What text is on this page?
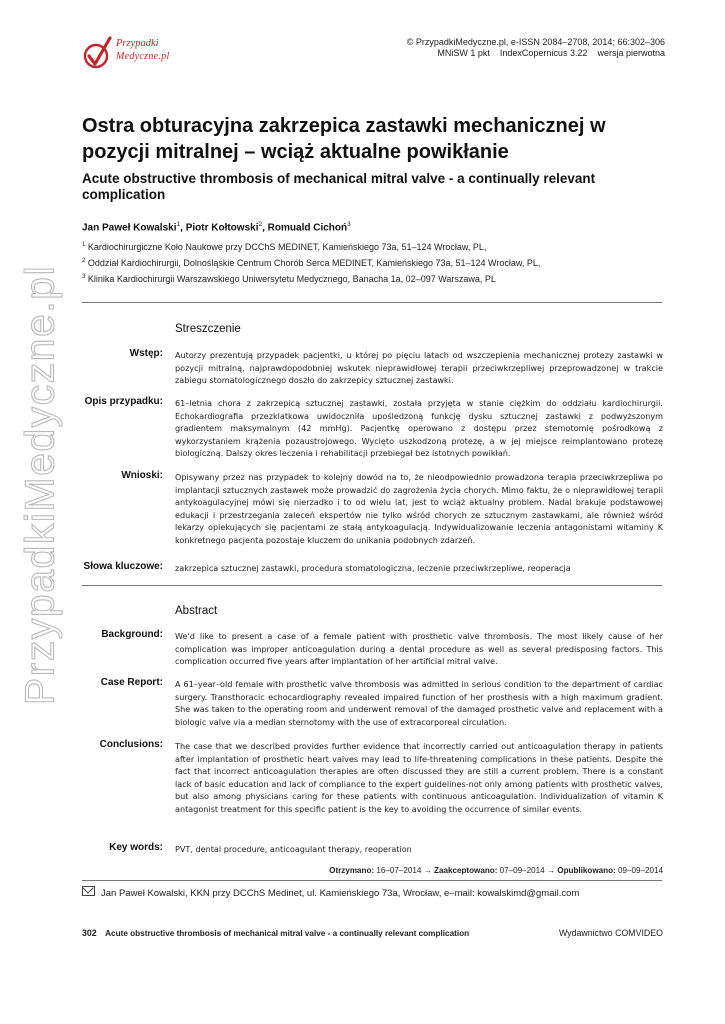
PrzypadkiMedyczne.pl
Przypadki
Medyczne.pl
© PrzypadkiMedyczne.pl, e-ISSN 2084–2708, 2014; 66:302–306
MNiSW 1 pkt    IndexCopernicus 3.22    wersja pierwotna
Ostra obturacyjna zakrzepica zastawki mechanicznej w pozycji mitralnej – wciąż aktualne powikłanie
Acute obstructive thrombosis of mechanical mitral valve - a continually relevant complication
Jan Paweł Kowalski$^1$, Piotr Kołtowski$^2$, Romuald Cichoń$^3$
$^1$ Kardiochirurgiczne Koło Naukowe przy DCChS MEDINET, Kamieńskiego 73a, 51–124 Wrocław, PL,
$^2$ Oddział Kardiochirurgii, Dolnośląskie Centrum Chorób Serca MEDINET, Kamieńskiego 73a, 51–124 Wrocław, PL,
$^3$ Klinika Kardiochirurgii Warszawskiego Uniwersytetu Medycznego, Banacha 1a, 02–097 Warszawa, PL
Streszczenie
Wstęp: Autorzy prezentują przypadek pacjentki, u której po pięciu latach od wszczepienia mechanicznej protezy zastawki w pozycji mitralną, najprawdopodobniej wskutek nieprawidłowej terapii przeciwkrzepliwej przeprowadzonej w trakcie zabiegu stomatologicznego doszło do zakrzepicy sztucznej zastawki.
Opis przypadku: 61–letnia chora z zakrzepicą sztucznej zastawki, została przyjęta w stanie ciężkim do oddziału kardiochirurgii. Echokardiografia przezklatkowa uwidoczniła upośledzoną funkcję dysku sztucznej zastawki z podwyższonym gradientem maksymalnym (42 mmHg). Pacjentkę operowano z dostępu przez sternotomię pośrodkową z wykorzystaniem krążenia pozaustrojowego. Wycięto uszkodzoną protezę, a w jej miejsce reimplantowano protezę biologiczną. Dalszy okres leczenia i rehabilitacji przebiegał bez istotnych powikłań.
Wnioski: Opisywany przez nas przypadek to kolejny dowód na to, że nieodpowiednio prowadzona terapia przeciwkrzepliwa po implantacji sztucznych zastawek może prowadzić do zagrożenia życia chorych. Mimo faktu, że o nieprawidłowej terapii antykoagulacyjnej mówi się nierzadko i to od wielu lat, jest to wciąż aktualny problem. Nadal brakuje podstawowej edukacji i przestrzegania zaleceń ekspertów nie tylko wśród chorych ze sztucznym zastawkami, ale również wśród lekarzy opiekujących się pacjentami ze stałą antykoagulacją. Indywidualizowanie leczenia antagonistami witaminy K konkretnego pacjenta pozostaje kluczem do unikania podobnych zdarzeń.
Słowa kluczowe: zakrzepica sztucznej zastawki, procedura stomatologiczna, leczenie przeciwkrzepliwe, reoperacja
Abstract
Background: We'd like to present a case of a female patient with prosthetic valve thrombosis. The most likely cause of her complication was improper anticoagulation during a dental procedure as well as several predisposing factors. This complication occurred five years after implantation of her artificial mitral valve.
Case Report: A 61–year–old female with prosthetic valve thrombosis was admitted in serious condition to the department of cardiac surgery. Transthoracic echocardiography revealed impaired function of her prosthesis with a high maximum gradient. She was taken to the operating room and underwent removal of the damaged prosthetic valve and replacement with a biologic valve via a median sternotomy with the use of extracorporeal circulation.
Conclusions: The case that we described provides further evidence that incorrectly carried out anticoagulation therapy in patients after implantation of prosthetic heart valves may lead to life-threatening complications in these patients. Despite the fact that incorrect anticoagulation therapies are often discussed they are still a current problem. There is a constant lack of basic education and lack of compliance to the expert guidelines-not only among patients with prosthetic valves, but also among physicians caring for these patients with continuous anticoagulation. Individualization of vitamin K antagonist treatment for this specific patient is the key to avoiding the occurrence of similar events.
Key words: PVT, dental procedure, anticoagulant therapy, reoperation
Otrzymano: 16–07–2014 → Zaakceptowano: 07–09–2014 → Opublikowano: 09–09–2014
Jan Paweł Kowalski, KKN przy DCChS Medinet, ul. Kamieńskiego 73a, Wrocław, e–mail: kowalskimd@gmail.com
302 Acute obstructive thrombosis of mechanical mitral valve - a continually relevant complication	Wydawnictwo COMVIDEO
